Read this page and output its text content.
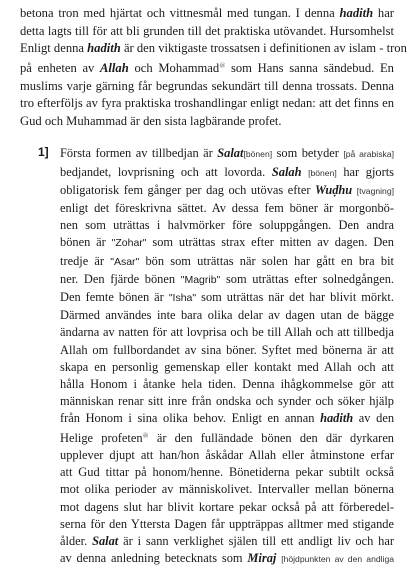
betona tron med hjärtat och vittnesmål med tungan. I denna hadith har
detta lagts till för att bli grunden till det praktiska utövandet. Hursomhelst
Enligt denna hadith är den viktigaste trossatsen i definitionen av islam - tron
på enheten av Allah och Mohammad$^ﷺ$ som Hans sanna sändebud. En
muslims varje gärning får begrundas sekundärt till denna trossats. Denna
tro efterföljs av fyra praktiska troshandlingar enligt nedan: att det finns en
Gud och Muhammad är den sista lagbärande profet.

1] Första formen av tillbedjan är Salat[bönen] som betyder [på arabiska]
bedjandet, lovprisning och att lovorda. Salah [bönen] har gjorts
obligatorisk fem gånger per dag och utövas efter Wuḍhu [tvagning]
enligt det föreskrivna sättet. Av dessa fem böner är morgonbö-
nen som uträttas i halvmörker före soluppgången. Den andra
bönen är "Zohar" som uträttas strax efter mitten av dagen. Den
tredje är "Asar" bön som uträttas när solen har gått en bra bit
ner. Den fjärde bönen "Magrib" som uträttas efter solnedgången.
Den femte bönen är "Isha" som uträttas när det har blivit mörkt.
Därmed användes inte bara olika delar av dagen utan de bägge
ändarna av natten för att lovprisa och be till Allah och att tillbedja
Allah om fullbordandet av sina böner. Syftet med bönerna är att
skapa en personlig gemenskap eller kontakt med Allah och att
hålla Honom i åtanke hela tiden. Denna ihågkommelse gör att
människan renar sitt inre från ondska och synder och söker hjälp
från Honom i sina olika behov. Enligt en annan hadith av den
Helige profeten$^ﷺ$ är den fulländade bönen den där dyrkaren
upplever djupt att han/hon åskådar Allah eller åtminstone erfar
att Gud tittar på honom/henne. Bönetiderna pekar subtilt också
mot olika perioder av människolivet. Intervaller mellan bönerna
mot dagens slut har blivit kortare pekar också på att förberedel-
serna för den Yttersta Dagen får uppträppas alltmer med stigande
ålder. Salat är i sann verklighet själen till ett andligt liv och har
av denna anledning betecknats som Miraj [höjdpunkten av den andliga
